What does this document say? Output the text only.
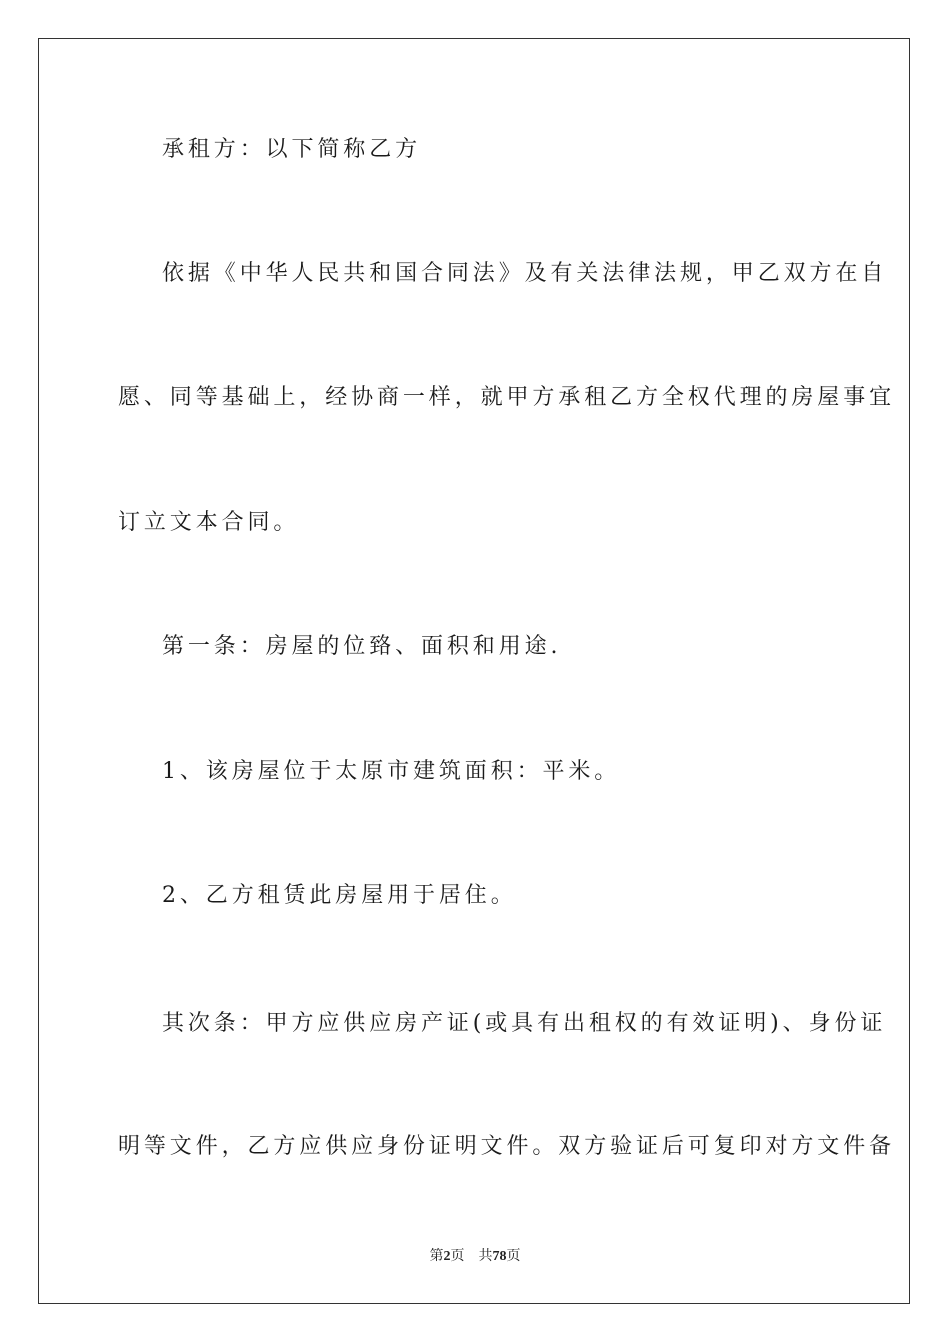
承租方：以下简称乙方
依据《中华人民共和国合同法》及有关法律法规，甲乙双方在自
愿、同等基础上，经协商一样，就甲方承租乙方全权代理的房屋事宜
订立文本合同。
第一条：房屋的位臵、面积和用途.
1、该房屋位于太原市建筑面积：平米。
2、乙方租赁此房屋用于居住。
其次条：甲方应供应房产证(或具有出租权的有效证明)、身份证
明等文件，乙方应供应身份证明文件。双方验证后可复印对方文件备
第2页 共78页
